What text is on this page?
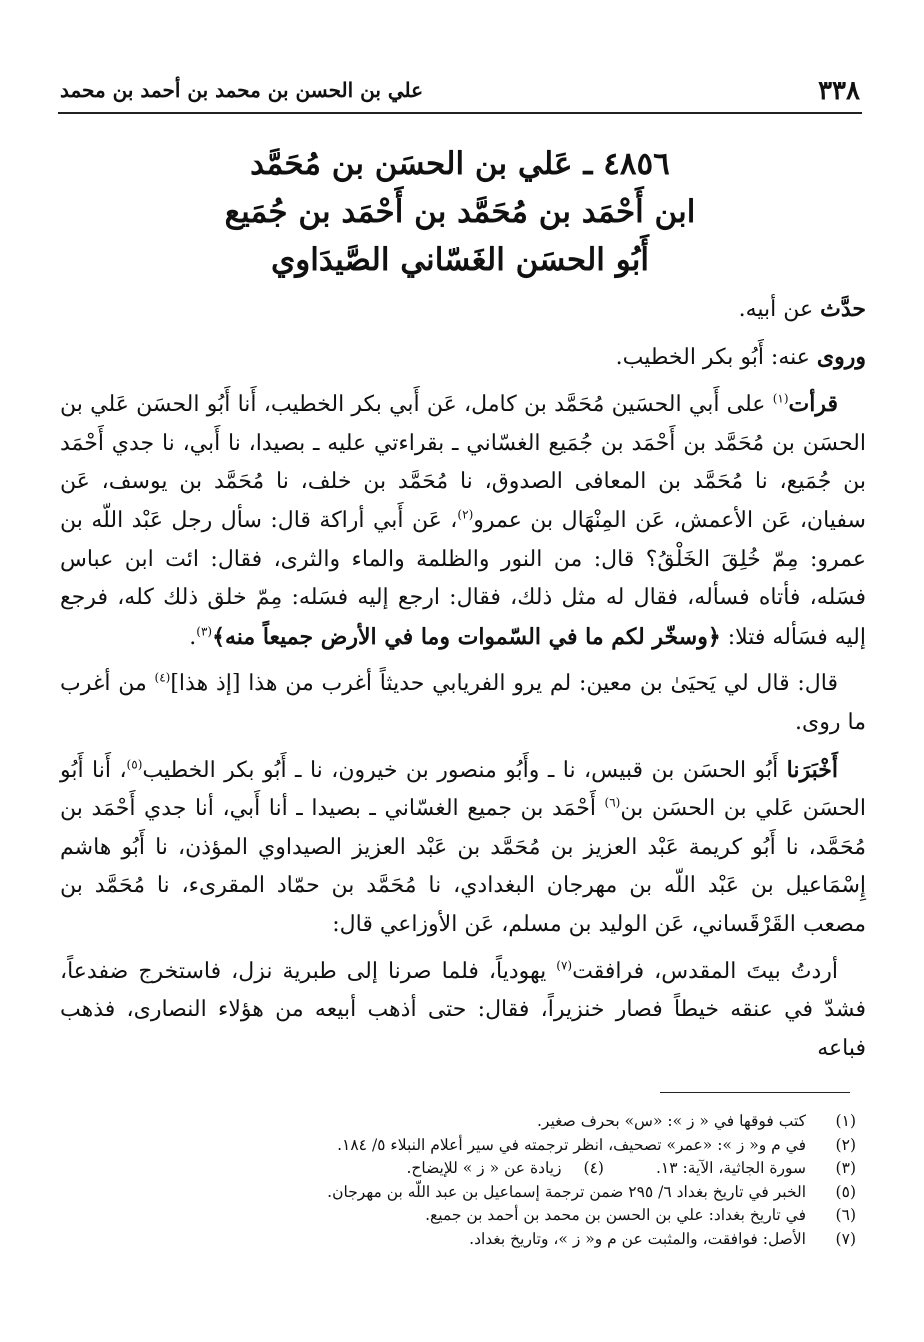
٣٣٨
علي بن الحسن بن محمد بن أحمد بن محمد
٤٨٥٦ ـ عَلي بن الحسَن بن مُحَمَّد
ابن أَحْمَد بن مُحَمَّد بن أَحْمَد بن جُمَيع
أَبُو الحسَن الغَسّاني الصَّيدَاوي

حدَّث عن أبيه.

وروى عنه: أَبُو بكر الخطيب.

قرأت$^{(١)}$ على أَبي الحسَين مُحَمَّد بن كامل، عَن أَبي بكر الخطيب، أَنا أَبُو الحسَن عَلي بن الحسَن بن مُحَمَّد بن أَحْمَد بن جُمَيع الغسّاني ـ بقراءتي عليه ـ بصيدا، نا أَبي، نا جدي أَحْمَد بن جُمَيع، نا مُحَمَّد بن المعافى الصدوق، نا مُحَمَّد بن خلف، نا مُحَمَّد بن يوسف، عَن سفيان، عَن الأعمش، عَن المِنْهَال بن عمرو$^{(٢)}$، عَن أَبي أراكة قال: سأل رجل عَبْد اللّه بن عمرو: مِمّ خُلِقَ الخَلْقُ؟ قال: من النور والظلمة والماء والثرى، فقال: ائت ابن عباس فسَله، فأتاه فسأله، فقال له مثل ذلك، فقال: ارجع إليه فسَله: مِمّ خلق ذلك كله، فرجع إليه فسَأله فتلا: ﴿وسخّر لكم ما في السّموات وما في الأرض جميعاً منه﴾$^{(٣)}$.

قال: قال لي يَحيَىٰ بن معين: لم يرو الفريابي حديثاً أغرب من هذا [إذ هذا]$^{(٤)}$ من أغرب ما روى.

أَخْبَرَنا أَبُو الحسَن بن قبيس، نا ـ وأَبُو منصور بن خيرون، نا ـ أَبُو بكر الخطيب$^{(٥)}$، أَنا أَبُو الحسَن عَلي بن الحسَن بن$^{(٦)}$ أَحْمَد بن جميع الغسّاني ـ بصيدا ـ أنا أَبي، أنا جدي أَحْمَد بن مُحَمَّد، نا أَبُو كريمة عَبْد العزيز بن مُحَمَّد بن عَبْد العزيز الصيداوي المؤذن، نا أَبُو هاشم إِسْمَاعيل بن عَبْد اللّه بن مهرجان البغدادي، نا مُحَمَّد بن حمّاد المقرىء، نا مُحَمَّد بن مصعب القَرْقَساني، عَن الوليد بن مسلم، عَن الأوزاعي قال:

أردتُ بيتَ المقدس، فرافقت$^{(٧)}$ يهودياً، فلما صرنا إلى طبرية نزل، فاستخرج ضفدعاً، فشدّ في عنقه خيطاً فصار خنزيراً، فقال: حتى أذهب أبيعه من هؤلاء النصارى، فذهب فباعه

(١)
كتب فوقها في « ز »: «س» بحرف صغير.
(٢)
في م و« ز »: «عمر» تصحيف، انظر ترجمته في سير أعلام النبلاء ٥/ ١٨٤.
(٣)
سورة الجاثية، الآية: ١٣.
(٤)
زيادة عن « ز » للإيضاح.
(٥)
الخبر في تاريخ بغداد ٦/ ٢٩٥ ضمن ترجمة إسماعيل بن عبد اللّه بن مهرجان.
(٦)
في تاريخ بغداد: علي بن الحسن بن محمد بن أحمد بن جميع.
(٧)
الأصل: فوافقت، والمثبت عن م و« ز »، وتاريخ بغداد.
